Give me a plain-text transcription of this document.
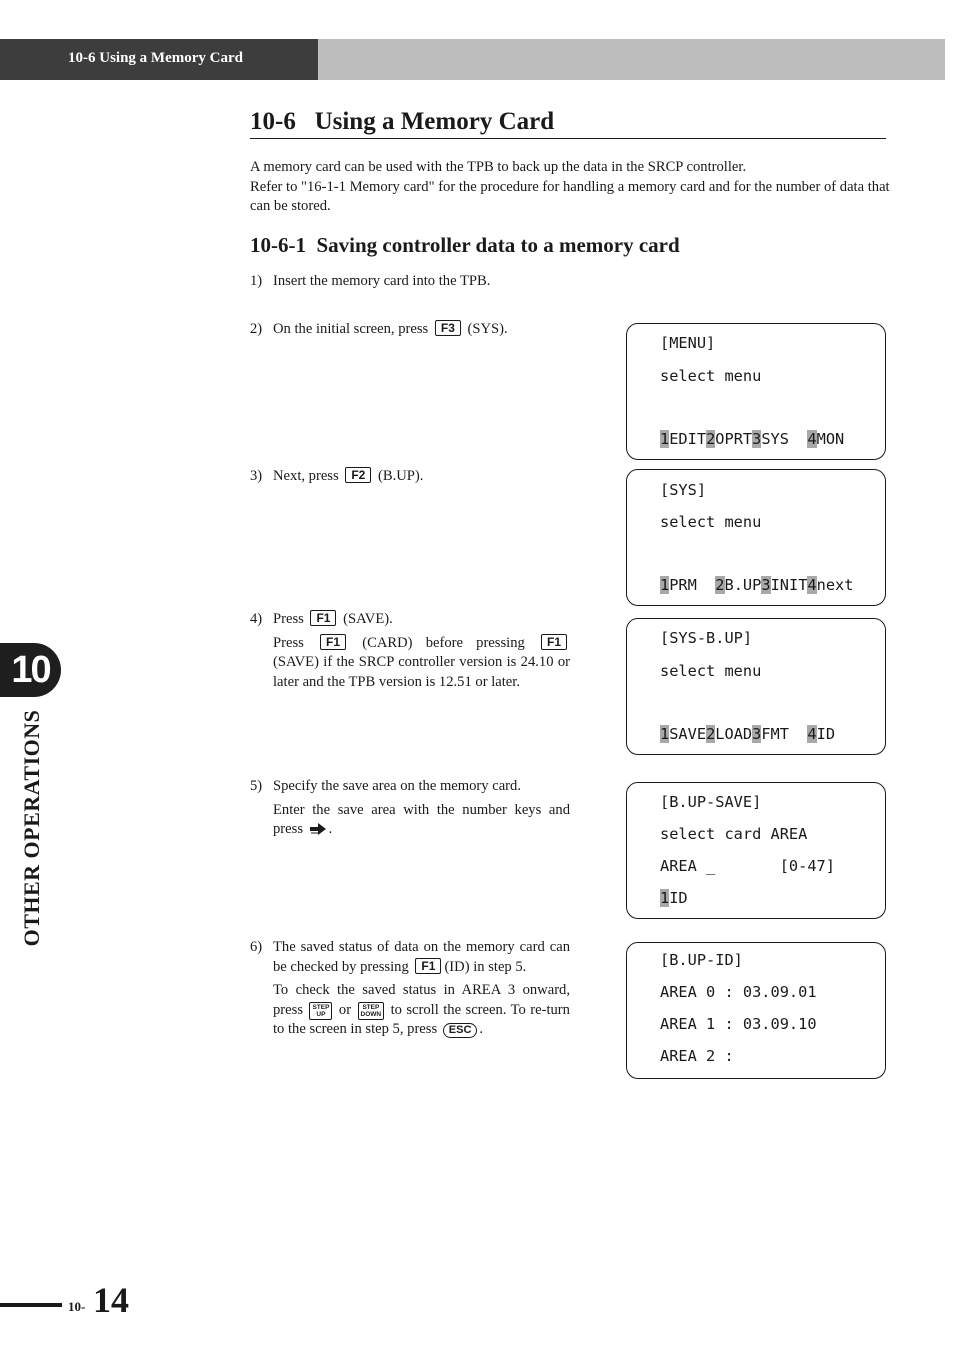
10-6 Using a Memory Card
10-6   Using a Memory Card

A memory card can be used with the TPB to back up the data in the SRCP controller.

Refer to "16-1-1 Memory card" for the procedure for handling a memory card and for the number of data that can be stored.

10-6-1  Saving controller data to a memory card
1) Insert the memory card into the TPB.
2) On the initial screen, press F3 (SYS).
3) Next, press F2 (B.UP).
4) Press F1 (SAVE).

Press F1 (CARD) before pressing F1 (SAVE) if the SRCP controller version is 24.10 or later and the TPB version is 12.51 or later.

5) Specify the save area on the memory card.

Enter the save area with the number keys and press .

6) The saved status of data on the memory card can be checked by pressing F1 (ID) in step 5.

To check the saved status in AREA 3 onward, press STEP
UP or STEP
DOWN to scroll the screen. To re-turn to the screen in step 5, press ESC .

[MENU]
select menu
1EDIT2OPRT3SYS  4MON
[SYS]
select menu
1PRM  2B.UP3INIT4next
[SYS-B.UP]
select menu
1SAVE2LOAD3FMT  4ID
[B.UP-SAVE]
select card AREA
AREA _       [0-47]
1ID
[B.UP-ID]
AREA 0 : 03.09.01
AREA 1 : 03.09.10
AREA 2 :
10
OTHER OPERATIONS
10- 14
